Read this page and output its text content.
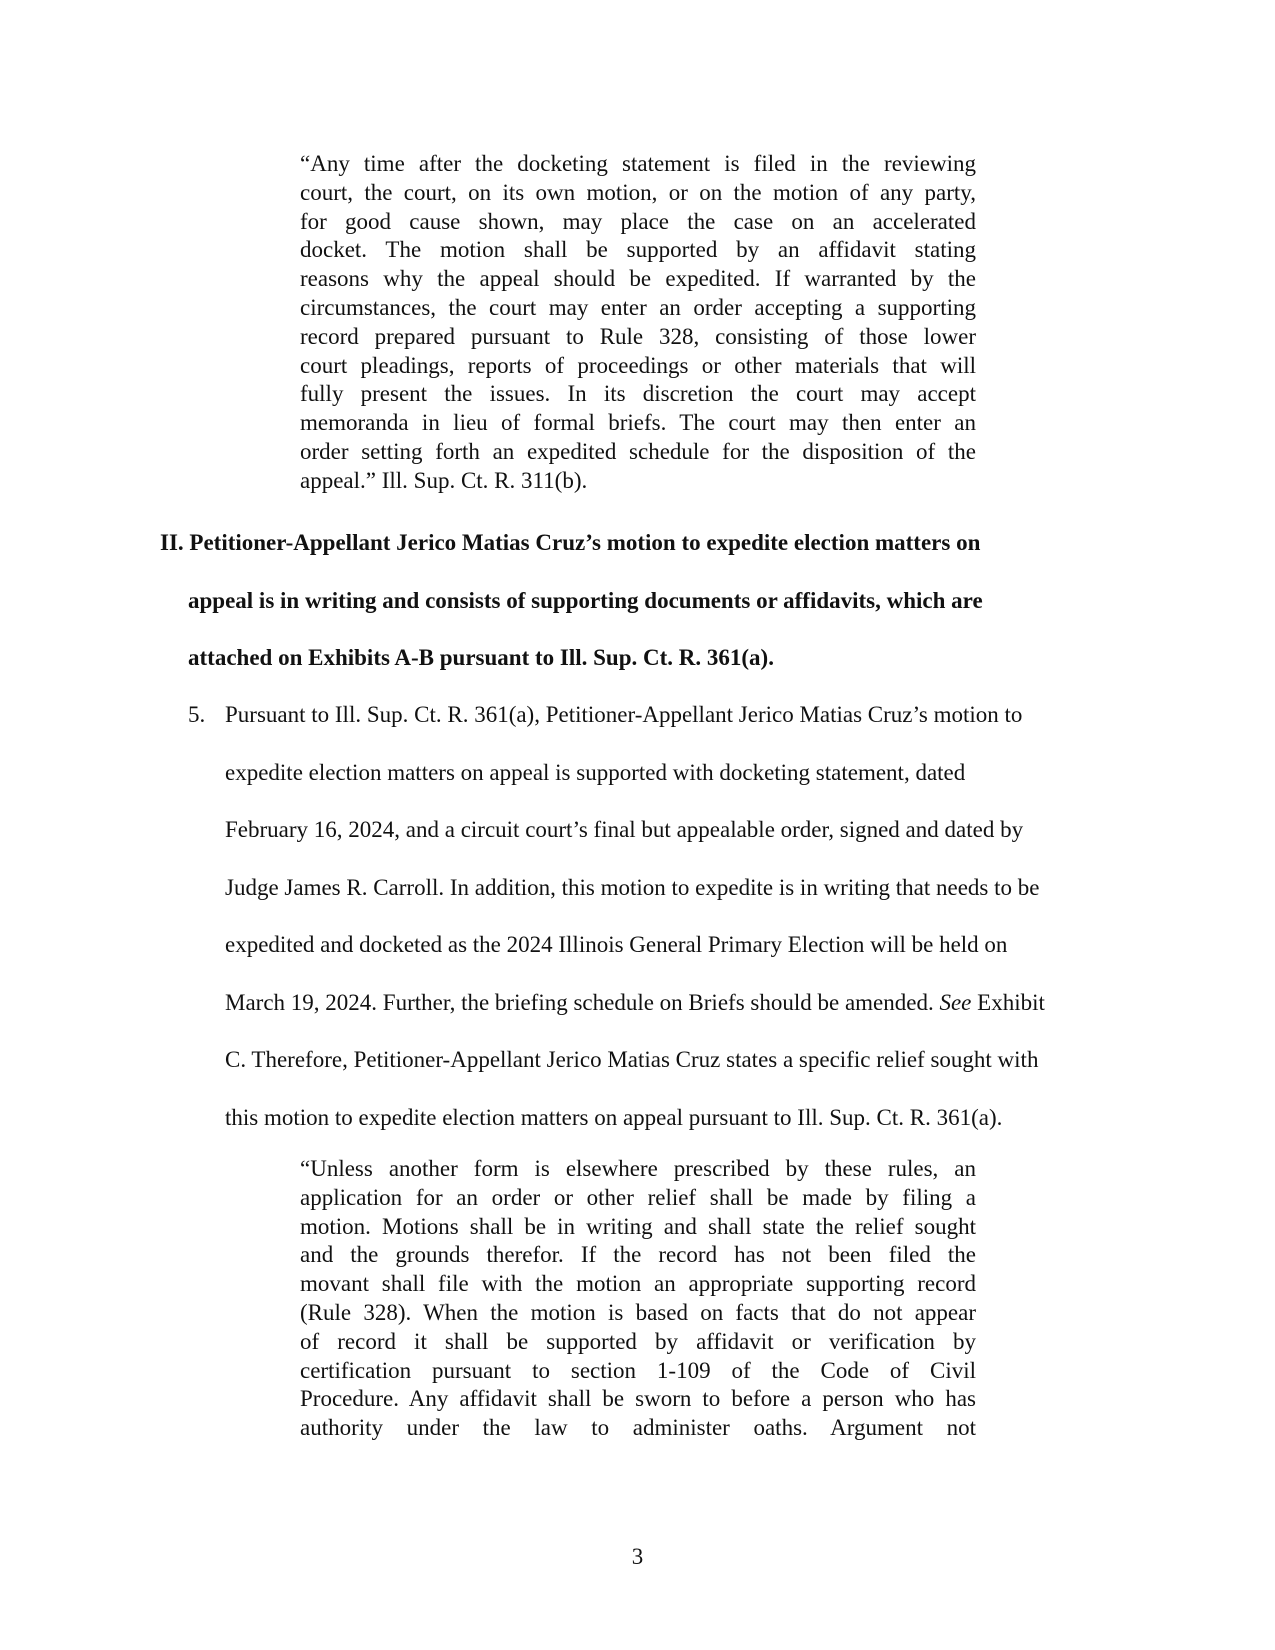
“Any time after the docketing statement is filed in the reviewing
court, the court, on its own motion, or on the motion of any party,
for good cause shown, may place the case on an accelerated
docket. The motion shall be supported by an affidavit stating
reasons why the appeal should be expedited. If warranted by the
circumstances, the court may enter an order accepting a supporting
record prepared pursuant to Rule 328, consisting of those lower
court pleadings, reports of proceedings or other materials that will
fully present the issues. In its discretion the court may accept
memoranda in lieu of formal briefs. The court may then enter an
order setting forth an expedited schedule for the disposition of the
appeal.” Ill. Sup. Ct. R. 311(b).
II. Petitioner-Appellant Jerico Matias Cruz’s motion to expedite election matters on
appeal is in writing and consists of supporting documents or affidavits, which are
attached on Exhibits A-B pursuant to Ill. Sup. Ct. R. 361(a).
5. Pursuant to Ill. Sup. Ct. R. 361(a), Petitioner-Appellant Jerico Matias Cruz’s motion to
expedite election matters on appeal is supported with docketing statement, dated
February 16, 2024, and a circuit court’s final but appealable order, signed and dated by
Judge James R. Carroll. In addition, this motion to expedite is in writing that needs to be
expedited and docketed as the 2024 Illinois General Primary Election will be held on
March 19, 2024. Further, the briefing schedule on Briefs should be amended. See Exhibit
C. Therefore, Petitioner-Appellant Jerico Matias Cruz states a specific relief sought with
this motion to expedite election matters on appeal pursuant to Ill. Sup. Ct. R. 361(a).
“Unless another form is elsewhere prescribed by these rules, an
application for an order or other relief shall be made by filing a
motion. Motions shall be in writing and shall state the relief sought
and the grounds therefor. If the record has not been filed the
movant shall file with the motion an appropriate supporting record
(Rule 328). When the motion is based on facts that do not appear
of record it shall be supported by affidavit or verification by
certification pursuant to section 1-109 of the Code of Civil
Procedure. Any affidavit shall be sworn to before a person who has
authority under the law to administer oaths. Argument not
3
